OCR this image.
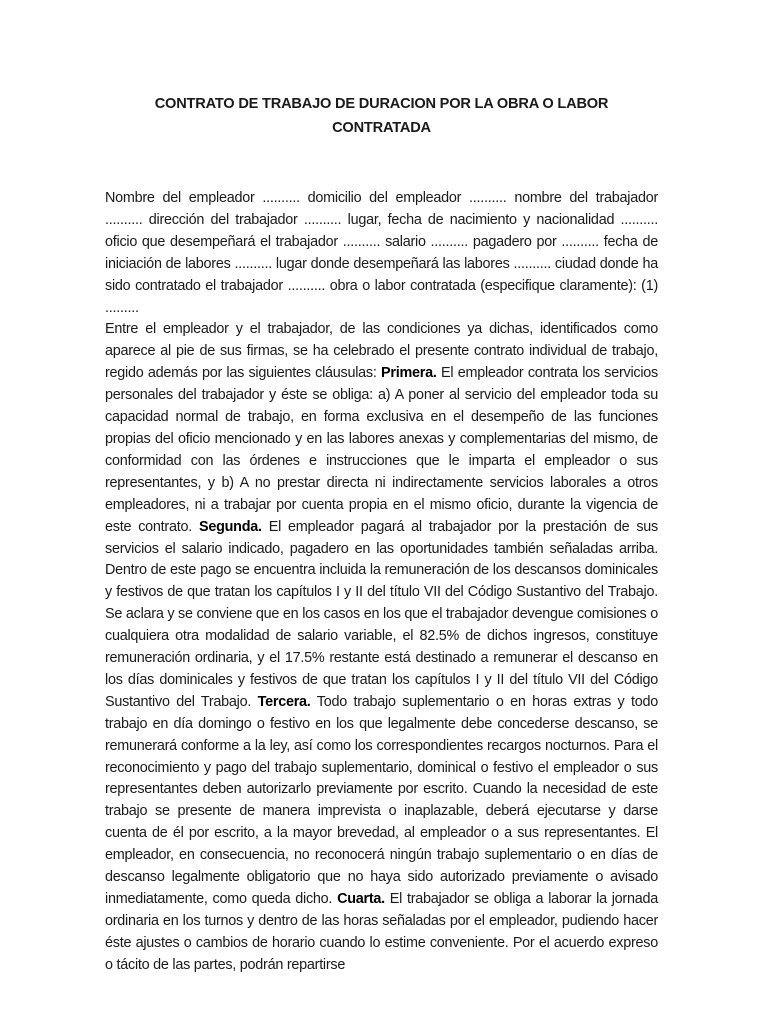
CONTRATO DE TRABAJO DE DURACION POR LA OBRA O LABOR
CONTRATADA

Nombre del empleador .......... domicilio del empleador .......... nombre del trabajador .......... dirección del trabajador .......... lugar, fecha de nacimiento y nacionalidad .......... oficio que desempeñará el trabajador .......... salario .......... pagadero por .......... fecha de iniciación de labores .......... lugar donde desempeñará las labores .......... ciudad donde ha sido contratado el trabajador .......... obra o labor contratada (especifique claramente): (1) .........

Entre el empleador y el trabajador, de las condiciones ya dichas, identificados como aparece al pie de sus firmas, se ha celebrado el presente contrato individual de trabajo, regido además por las siguientes cláusulas: Primera. El empleador contrata los servicios personales del trabajador y éste se obliga: a) A poner al servicio del empleador toda su capacidad normal de trabajo, en forma exclusiva en el desempeño de las funciones propias del oficio mencionado y en las labores anexas y complementarias del mismo, de conformidad con las órdenes e instrucciones que le imparta el empleador o sus representantes, y b) A no prestar directa ni indirectamente servicios laborales a otros empleadores, ni a trabajar por cuenta propia en el mismo oficio, durante la vigencia de este contrato. Segunda. El empleador pagará al trabajador por la prestación de sus servicios el salario indicado, pagadero en las oportunidades también señaladas arriba. Dentro de este pago se encuentra incluida la remuneración de los descansos dominicales y festivos de que tratan los capítulos I y II del título VII del Código Sustantivo del Trabajo. Se aclara y se conviene que en los casos en los que el trabajador devengue comisiones o cualquiera otra modalidad de salario variable, el 82.5% de dichos ingresos, constituye remuneración ordinaria, y el 17.5% restante está destinado a remunerar el descanso en los días dominicales y festivos de que tratan los capítulos I y II del título VII del Código Sustantivo del Trabajo. Tercera. Todo trabajo suplementario o en horas extras y todo trabajo en día domingo o festivo en los que legalmente debe concederse descanso, se remunerará conforme a la ley, así como los correspondientes recargos nocturnos. Para el reconocimiento y pago del trabajo suplementario, dominical o festivo el empleador o sus representantes deben autorizarlo previamente por escrito. Cuando la necesidad de este trabajo se presente de manera imprevista o inaplazable, deberá ejecutarse y darse cuenta de él por escrito, a la mayor brevedad, al empleador o a sus representantes. El empleador, en consecuencia, no reconocerá ningún trabajo suplementario o en días de descanso legalmente obligatorio que no haya sido autorizado previamente o avisado inmediatamente, como queda dicho. Cuarta. El trabajador se obliga a laborar la jornada ordinaria en los turnos y dentro de las horas señaladas por el empleador, pudiendo hacer éste ajustes o cambios de horario cuando lo estime conveniente. Por el acuerdo expreso o tácito de las partes, podrán repartirse
